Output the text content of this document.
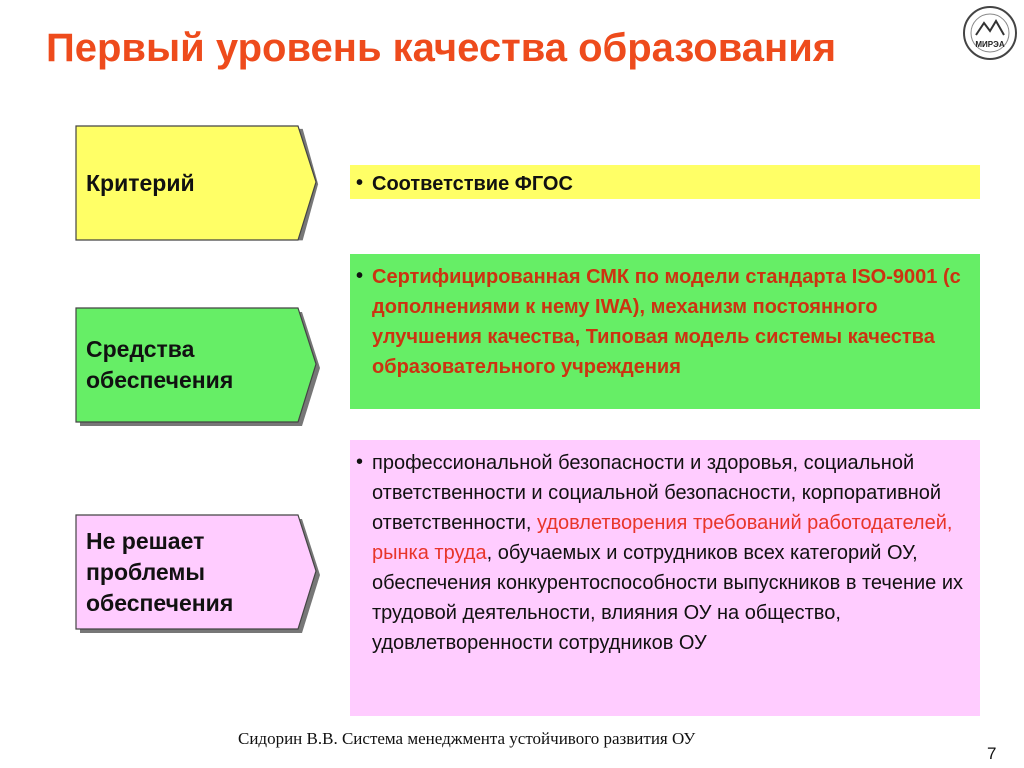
Первый уровень качества образования	МИРЭА
Критерий	• Соответствие ФГОС
Средства
обеспечения
• Сертифицированная СМК по модели стандарта ISO-9001 (с дополнениями к нему IWA), механизм постоянного улучшения качества, Типовая модель системы качества образовательного учреждения
Не решает
проблемы
обеспечения
• профессиональной безопасности и здоровья, социальной ответственности и социальной безопасности, корпоративной ответственности, удовлетворения требований работодателей, рынка труда, обучаемых и сотрудников всех категорий ОУ, обеспечения конкурентоспособности выпускников в течение их трудовой деятельности, влияния ОУ на общество, удовлетворенности сотрудников ОУ
Сидорин В.В. Система менеджмента устойчивого развития ОУ
7
